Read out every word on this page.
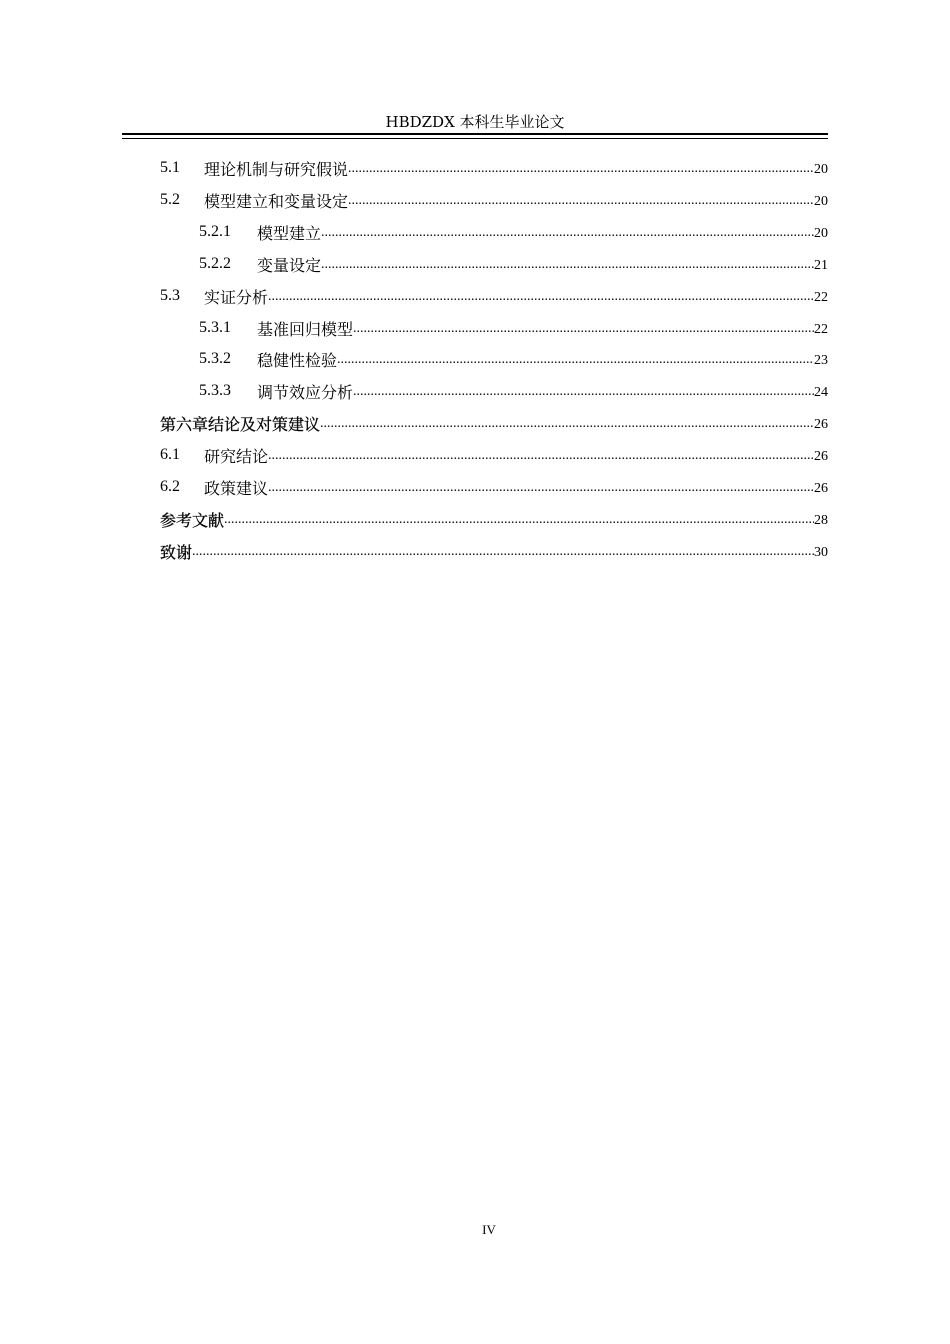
HBDZDX 本科生毕业论文
5.1	理论机制与研究假说 .....	20
5.2	模型建立和变量设定 .....	20
5.2.1	模型建立 .....	20
5.2.2	变量设定 .....	21
5.3	实证分析 .....	22
5.3.1	基准回归模型 .....	22
5.3.2	稳健性检验 .....	23
5.3.3	调节效应分析 .....	24
第六章 结论及对策建议 .....	26
6.1	研究结论 .....	26
6.2	政策建议 .....	26
参考文献 .....	28
致谢 .....	30
IV
